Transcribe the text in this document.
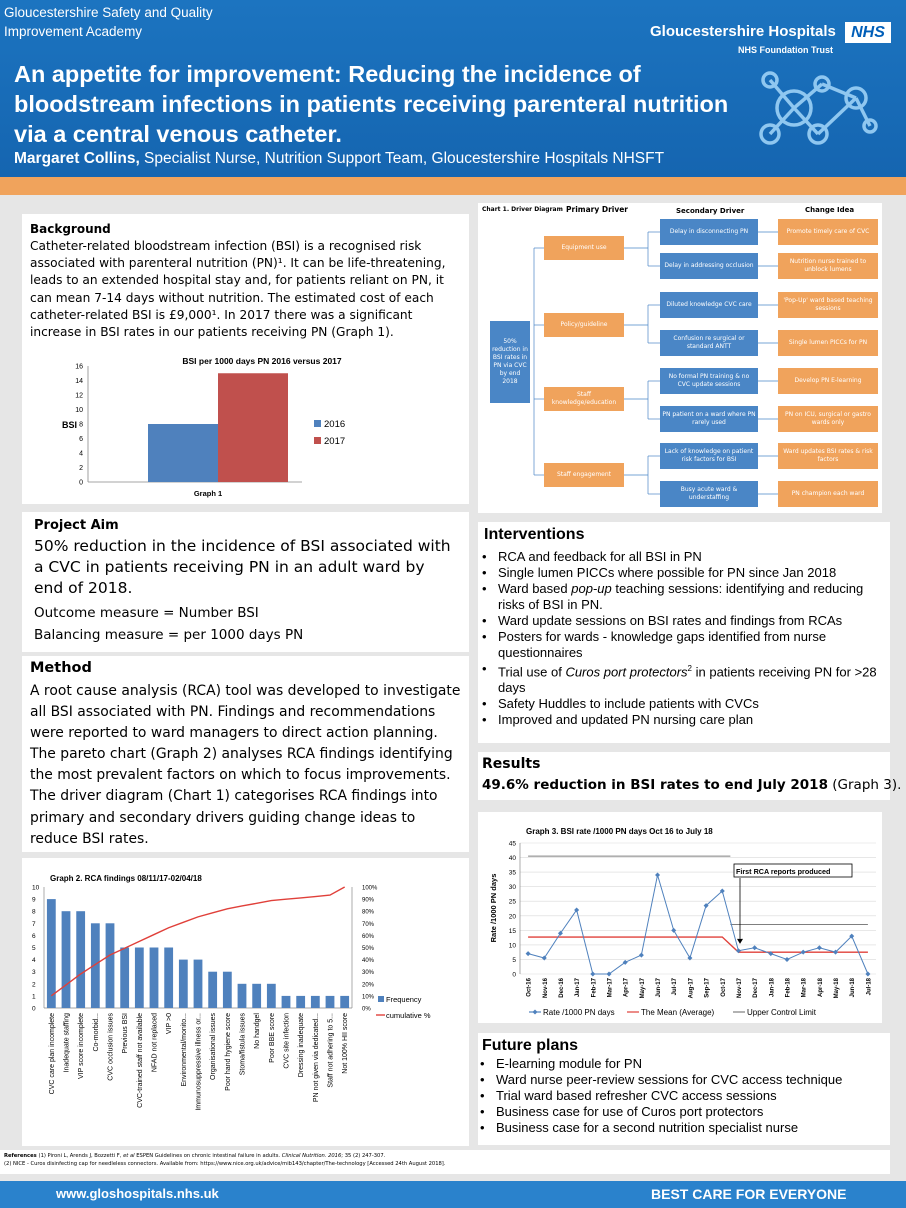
Gloucestershire Safety and Quality
Improvement Academy	Gloucestershire Hospitals NHS
NHS Foundation Trust
An appetite for improvement: Reducing the incidence of bloodstream infections in patients receiving parenteral nutrition via a central venous catheter.
Margaret Collins, Specialist Nurse, Nutrition Support Team, Gloucestershire Hospitals NHSFT
Background
Catheter-related bloodstream infection (BSI) is a recognised risk associated with parenteral nutrition (PN)¹. It can be life-threatening, leads to an extended hospital stay and, for patients reliant on PN, it can mean 7-14 days without nutrition. The estimated cost of each catheter-related BSI is £9,000¹. In 2017 there was a significant increase in BSI rates in our patients receiving PN (Graph 1).
BSI per 1000 days PN 2016 versus 2017
0
2
4
6
8
10
12
14
16
BSI	2016
2017
Graph 1
Project Aim
50% reduction in the incidence of BSI associated with a CVC in patients receiving PN in an adult ward by end of 2018.
Outcome measure = Number BSI
Balancing measure = per 1000 days PN
Method
A root cause analysis (RCA) tool was developed to investigate all BSI associated with PN. Findings and recommendations were reported to ward managers to direct action planning. The pareto chart (Graph 2) analyses RCA findings identifying the most prevalent factors on which to focus improvements. The driver diagram (Chart 1) categorises RCA findings into primary and secondary drivers guiding change ideas to reduce BSI rates.
Graph 2. RCA findings 08/11/17-02/04/18
0
1
2
3
4
5
6
7
8
9
10
0%
10%
20%
30%
40%
50%
60%
70%
80%
90%
100%
CVC care plan incomplete Inadequate staffing VIP score incomplete Co-morbid... CVC occlusion issues Previous BSI CVC-trained staff not available NFAD not replaced VIP >0 Environmental/monito... Immunosuppressive illness or... Organisational issues Poor hand hygiene score Stoma/fistula issues No handgel Poor BBE score CVC site infection Dressing inadequate PN not given via dedicated... Staff not adhering to 5... Not 100% HII score
Frequency
cumulative %
Chart 1. Driver Diagram Primary Driver	Secondary Driver	Change Idea
50% reduction in BSI rates in PN via CVC by end 2018
Equipment use
Policy/guideline
Staff knowledge/education
Staff engagement
Delay in disconnecting PN
Delay in addressing occlusion
Diluted knowledge CVC care
Confusion re surgical or standard ANTT
No formal PN training & no CVC update sessions
PN patient on a ward where PN rarely used
Lack of knowledge on patient risk factors for BSI
Busy acute ward & understaffing
Promote timely care of CVC
Nutrition nurse trained to unblock lumens
'Pop-Up' ward based teaching sessions
Single lumen PICCs for PN
Develop PN E-learning
PN on ICU, surgical or gastro wards only
Ward updates BSI rates & risk factors
PN champion each ward
Interventions
• RCA and feedback for all BSI in PN
• Single lumen PICCs where possible for PN since Jan 2018
• Ward based pop-up teaching sessions: identifying and reducing risks of BSI in PN.
• Ward update sessions on BSI rates and findings from RCAs
• Posters for wards - knowledge gaps identified from nurse questionnaires
• Trial use of Curos port protectors$^2$ in patients receiving PN for >28 days
• Safety Huddles to include patients with CVCs
• Improved and updated PN nursing care plan
Results
49.6% reduction in BSI rates to end July 2018 (Graph 3).
Graph 3. BSI rate /1000 PN days Oct 16 to July 18
0
5
10
15
20
25
30
35
40
45
Rate /1000 PN days
Oct-16 Nov-16 Dec-16 Jan-17 Feb-17 Mar-17 Apr-17 May-17 Jun-17 Jul-17 Aug-17 Sep-17 Oct-17 Nov-17 Dec-17 Jan-18 Feb-18 Mar-18 Apr-18 May-18 Jun-18 Jul-18
First RCA reports produced
Rate /1000 PN days	The Mean (Average)	Upper Control Limit
Future plans
• E-learning module for PN
• Ward nurse peer-review sessions for CVC access technique
• Trial ward based refresher CVC access sessions
• Business case for use of Curos port protectors
• Business case for a second nutrition specialist nurse
References (1) Pironi L, Arends J, Bozzetti F, et al ESPEN Guidelines on chronic intestinal failure in adults. Clinical Nutrition. 2016; 35 (2) 247-307.
(2) NICE - Curos disinfecting cap for needleless connectors. Available from: https://www.nice.org.uk/advice/mib143/chapter/The-technology [Accessed 24th August 2018].
www.gloshospitals.nhs.uk	BEST CARE FOR EVERYONE
